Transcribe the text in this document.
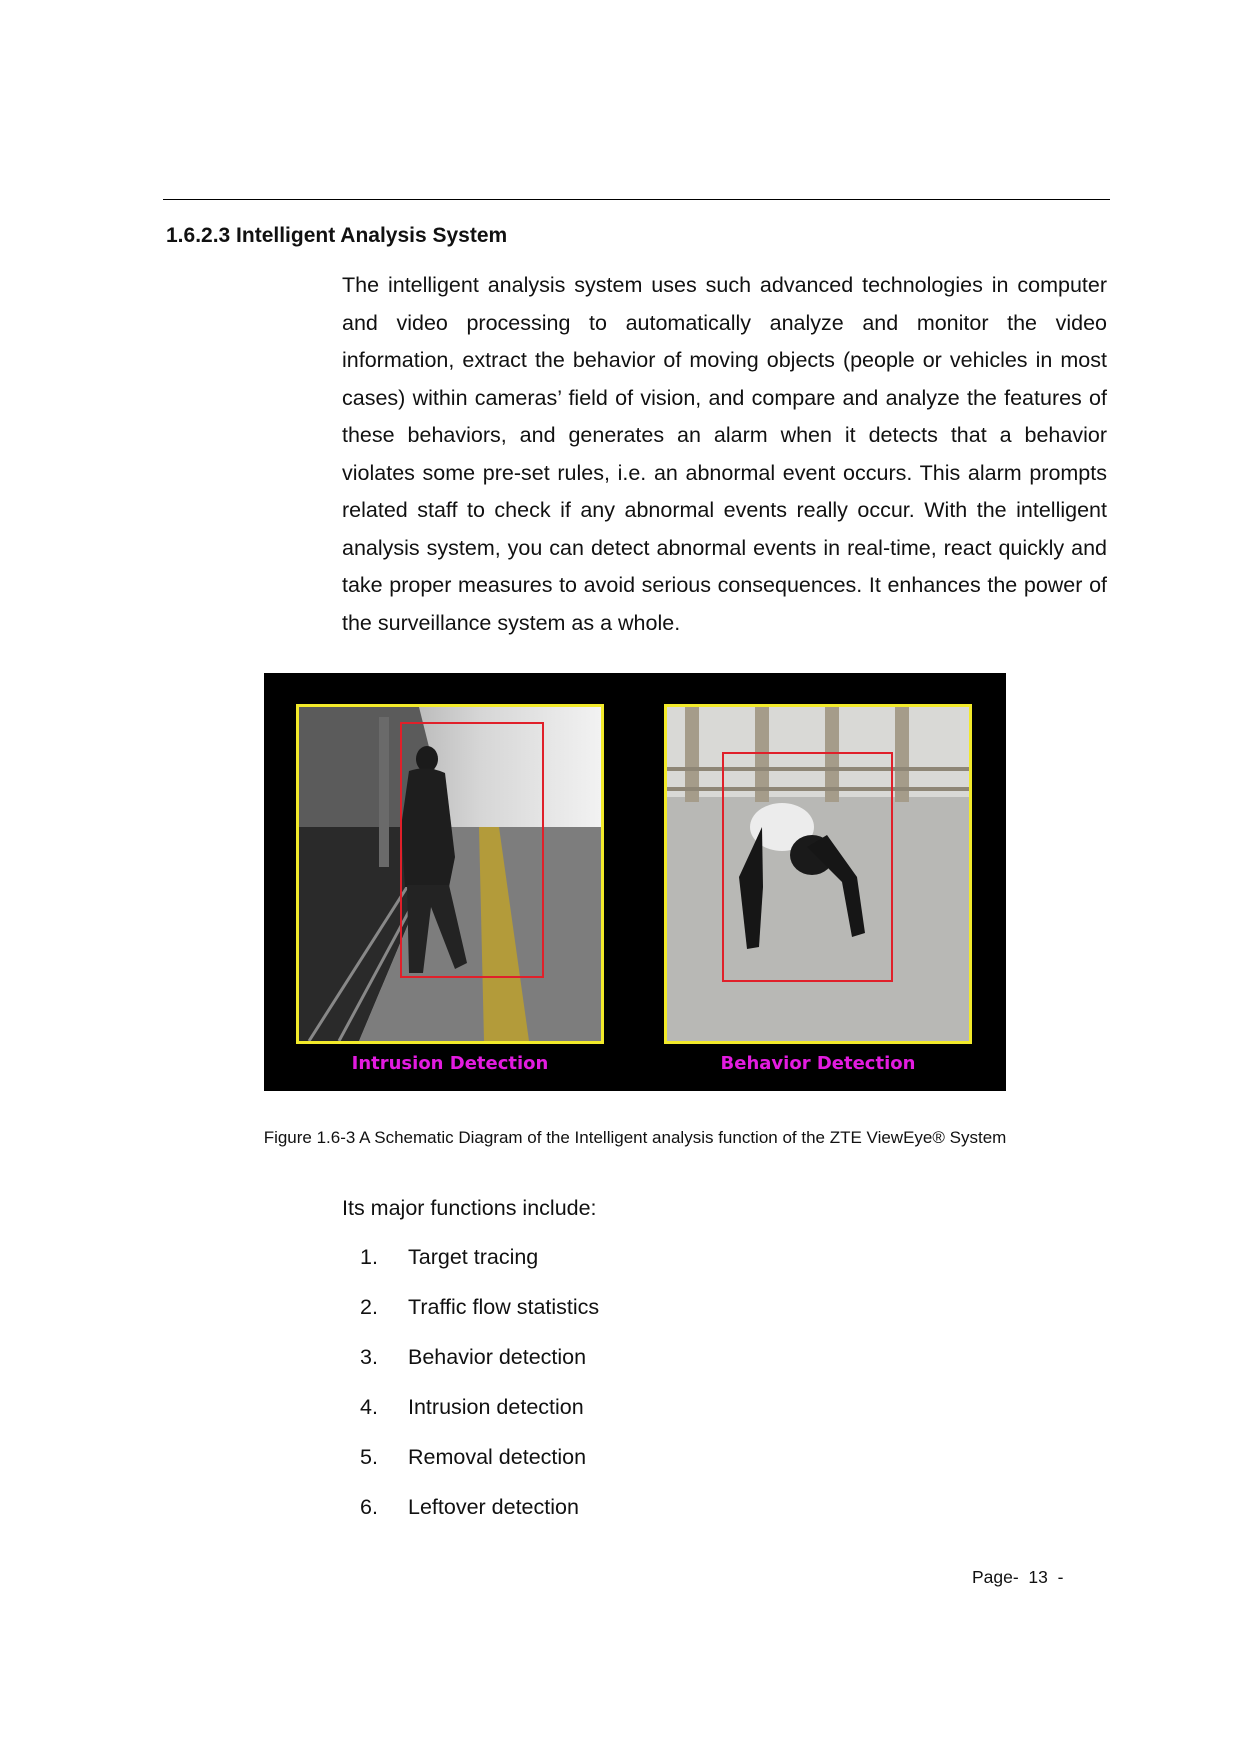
1.6.2.3 Intelligent Analysis System

The intelligent analysis system uses such advanced technologies in computer and video processing to automatically analyze and monitor the video information, extract the behavior of moving objects (people or vehicles in most cases) within cameras’ field of vision, and compare and analyze the features of these behaviors, and generates an alarm when it detects that a behavior violates some pre-set rules, i.e. an abnormal event occurs. This alarm prompts related staff to check if any abnormal events really occur. With the intelligent analysis system, you can detect abnormal events in real-time, react quickly and take proper measures to avoid serious consequences. It enhances the power of the surveillance system as a whole.

Intrusion Detection	Behavior Detection
Figure 1.6-3 A Schematic Diagram of the Intelligent analysis function of the ZTE ViewEye® System
Its major functions include:
1.	Target tracing
2.	Traffic flow statistics
3.	Behavior detection
4.	Intrusion detection
5.	Removal detection
6.	Leftover detection
Page-  13  -
